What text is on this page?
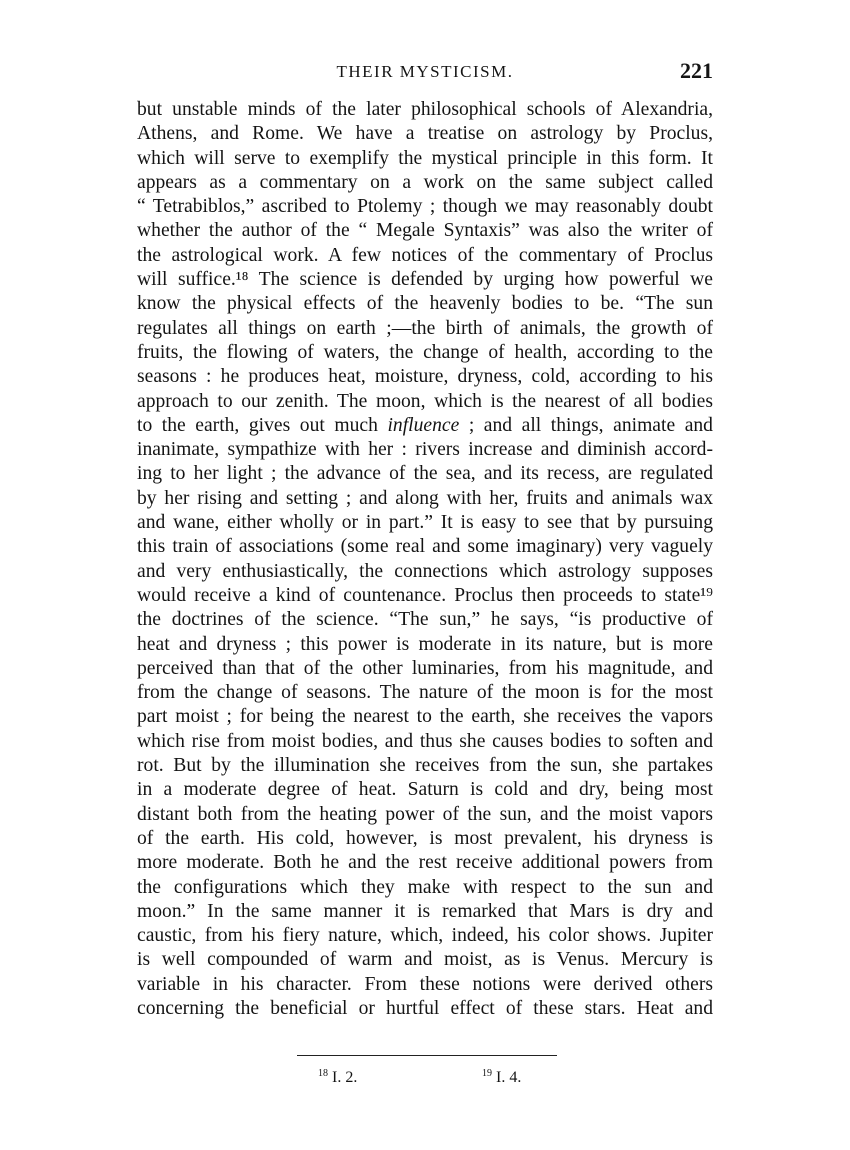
THEIR MYSTICISM.	221
but unstable minds of the later philosophical schools of Alexandria,
Athens, and Rome. We have a treatise on astrology by Proclus,
which will serve to exemplify the mystical principle in this form. It
appears as a commentary on a work on the same subject called
“ Tetrabiblos,” ascribed to Ptolemy ; though we may reasonably doubt
whether the author of the “ Megale Syntaxis” was also the writer of
the astrological work. A few notices of the commentary of Proclus
will suffice.¹⁸ The science is defended by urging how powerful we
know the physical effects of the heavenly bodies to be. “The sun
regulates all things on earth ;—the birth of animals, the growth of
fruits, the flowing of waters, the change of health, according to the
seasons : he produces heat, moisture, dryness, cold, according to his
approach to our zenith. The moon, which is the nearest of all bodies
to the earth, gives out much influence ; and all things, animate and
inanimate, sympathize with her : rivers increase and diminish accord-
ing to her light ; the advance of the sea, and its recess, are regulated
by her rising and setting ; and along with her, fruits and animals wax
and wane, either wholly or in part.” It is easy to see that by pursuing
this train of associations (some real and some imaginary) very vaguely
and very enthusiastically, the connections which astrology supposes
would receive a kind of countenance. Proclus then proceeds to state¹⁹
the doctrines of the science. “The sun,” he says, “is productive of
heat and dryness ; this power is moderate in its nature, but is more
perceived than that of the other luminaries, from his magnitude, and
from the change of seasons. The nature of the moon is for the most
part moist ; for being the nearest to the earth, she receives the vapors
which rise from moist bodies, and thus she causes bodies to soften and
rot. But by the illumination she receives from the sun, she partakes
in a moderate degree of heat. Saturn is cold and dry, being most
distant both from the heating power of the sun, and the moist vapors
of the earth. His cold, however, is most prevalent, his dryness is
more moderate. Both he and the rest receive additional powers from
the configurations which they make with respect to the sun and
moon.” In the same manner it is remarked that Mars is dry and
caustic, from his fiery nature, which, indeed, his color shows. Jupiter
is well compounded of warm and moist, as is Venus. Mercury is
variable in his character. From these notions were derived others
concerning the beneficial or hurtful effect of these stars. Heat and
$^{18}$ I. 2.	$^{19}$ I. 4.
